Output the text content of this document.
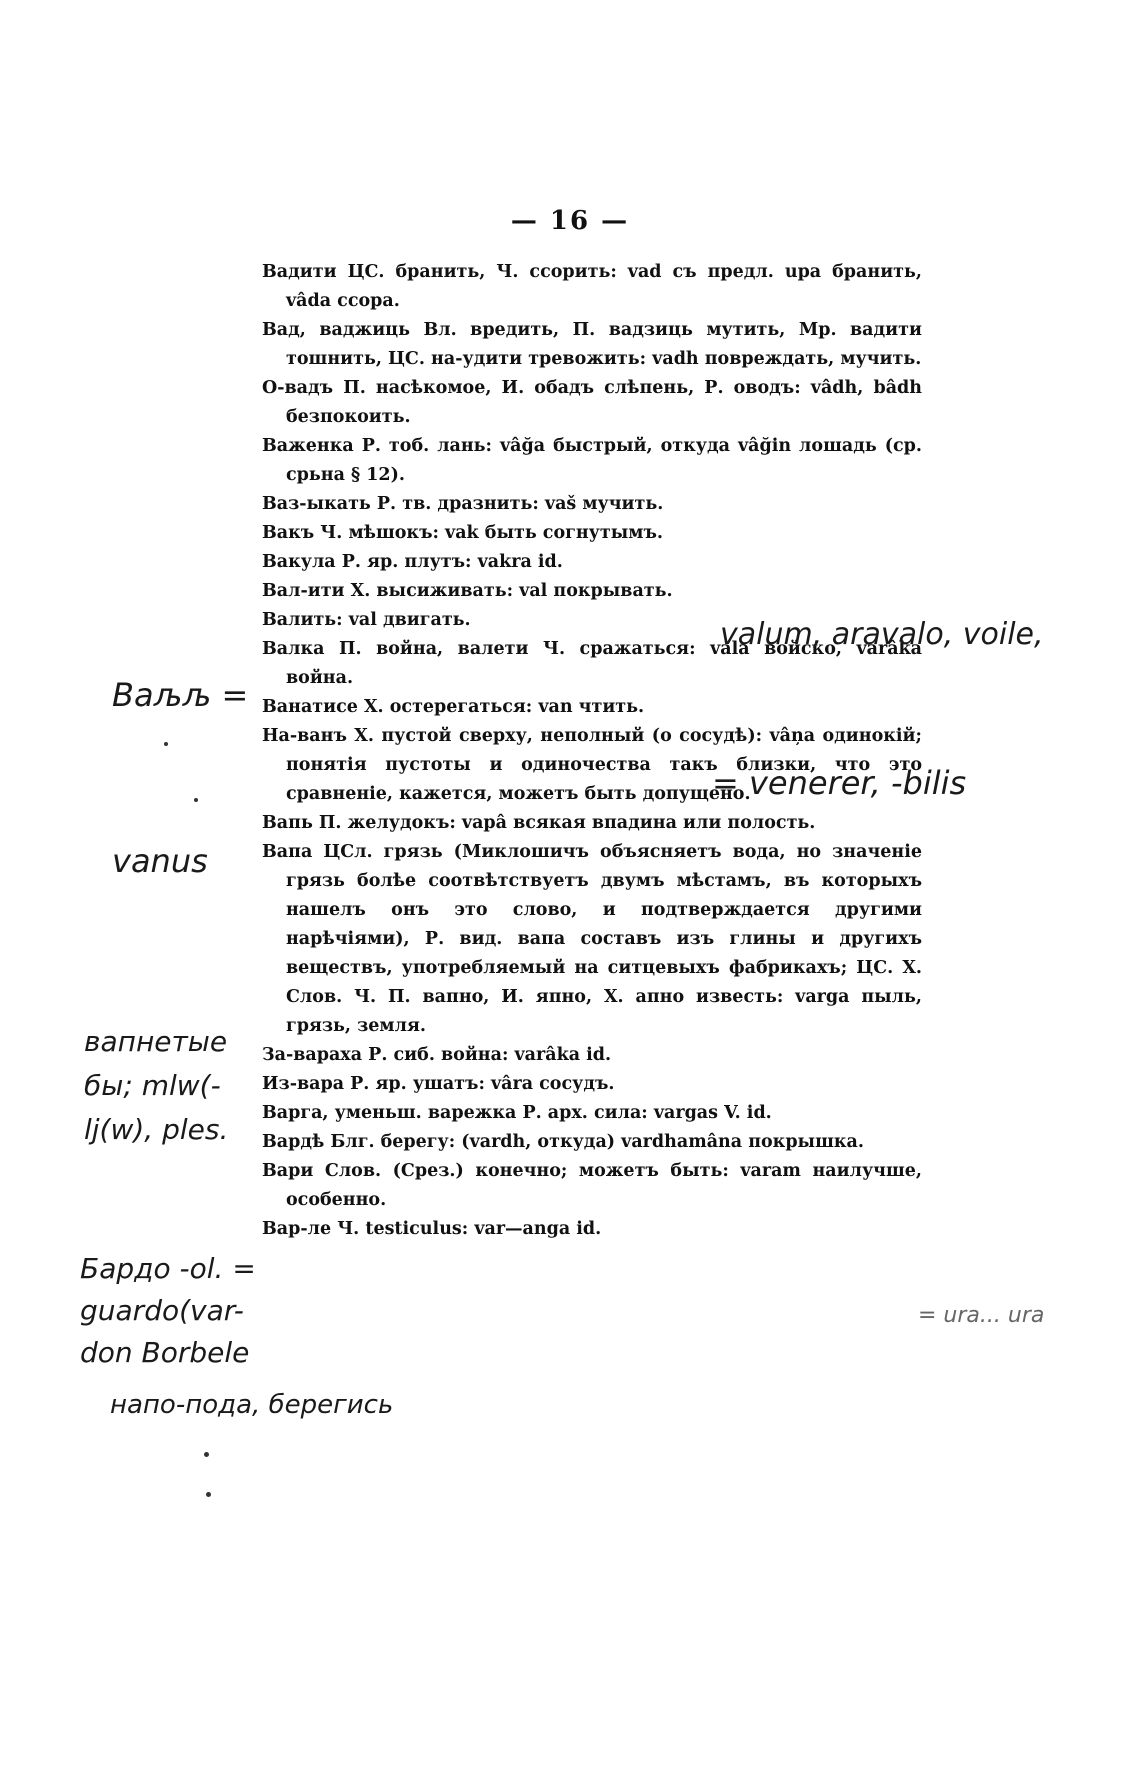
— 16 —

Вадити ЦС. бранить, Ч. ссорить: vad съ предл. upa бранить, vâda ссора.

Вад, ваджиць Вл. вредить, П. вадзиць мутить, Мр. вадити тошнить, ЦС. на-удити тревожить: vadh повреждать, мучить.

О-вадъ П. насѣкомое, И. обадъ слѣпень, Р. оводъ: vâdh, bâdh безпокоить.

Важенка Р. тоб. лань: vâğa быстрый, откуда vâğin лошадь (ср. срьна § 12).

Ваз-ыкать Р. тв. дразнить: vaš мучить.

Вакъ Ч. мѣшокъ: vak быть согнутымъ.

Вакула Р. яр. плутъ: vakra id.

Вал-ити Х. высиживать: val покрывать.

Валить: val двигать.

Валка П. война, валети Ч. сражаться: vala войско, varâka война.

Ванатисе Х. остерегаться: van чтить.

На-ванъ Х. пустой сверху, неполный (о сосудѣ): vâņa одинокій; понятія пустоты и одиночества такъ близки, что это сравненіе, кажется, можетъ быть допущено.

Вапь П. желудокъ: vapâ всякая впадина или полость.

Вапа ЦСл. грязь (Миклошичъ объясняетъ вода, но значеніе грязь болѣе соотвѣтствуетъ двумъ мѣстамъ, въ которыхъ нашелъ онъ это слово, и подтверждается другими нарѣчіями), Р. вид. вапа составъ изъ глины и другихъ веществъ, употребляемый на ситцевыхъ фабрикахъ; ЦС. Х. Слов. Ч. П. вапно, И. япно, Х. апно известь: varga пыль, грязь, земля.

За-варахa Р. сиб. война: varâka id.

Из-вара Р. яр. ушатъ: vâra сосудъ.

Варга, уменьш. варежка Р. арх. сила: vargas V. id.

Вардѣ Блг. берегу: (vardh, откуда) vardhamâna покрышка.

Вари Слов. (Срез.) конечно; можетъ быть: varam наилучше, особенно.

Вар-ле Ч. testiculus: var—anga id.

valum, aravalo, voile,
Ваљљ =
= venerer, -bilis
vanus
вапнетые бы; mlw(-lj(w), ples.
Бардо -ol. = guardo(var- don Borbele
= ura... ura
напо-пода, берегись
